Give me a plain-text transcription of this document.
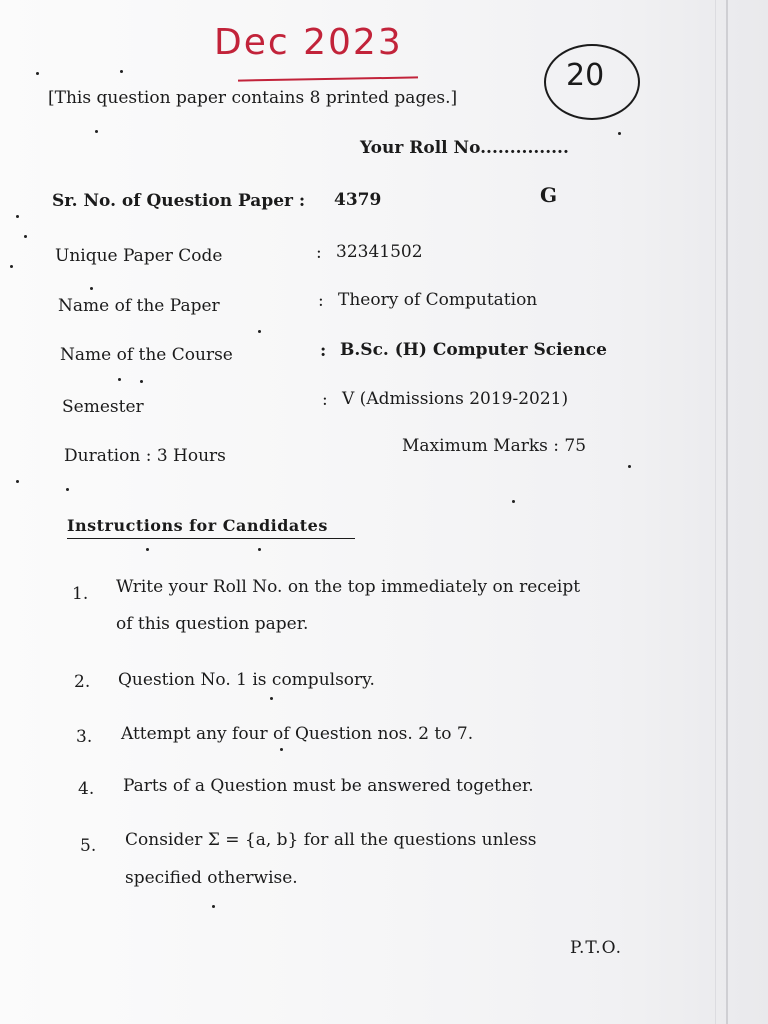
Dec 2023
20
[This question paper contains 8 printed pages.]
Your Roll No...............
Sr. No. of Question Paper : 4379	G
Unique Paper Code	: 32341502
Name of the Paper	: Theory of Computation
Name of the Course	: B.Sc. (H) Computer Science
Semester	: V (Admissions 2019-2021)
Duration : 3 Hours	Maximum Marks : 75
Instructions for Candidates
1. Write your Roll No. on the top immediately on receipt
of this question paper.
2. Question No. 1 is compulsory.
3. Attempt any four of Question nos. 2 to 7.
4. Parts of a Question must be answered together.
5. Consider Σ = {a, b} for all the questions unless
specified otherwise.
P.T.O.
